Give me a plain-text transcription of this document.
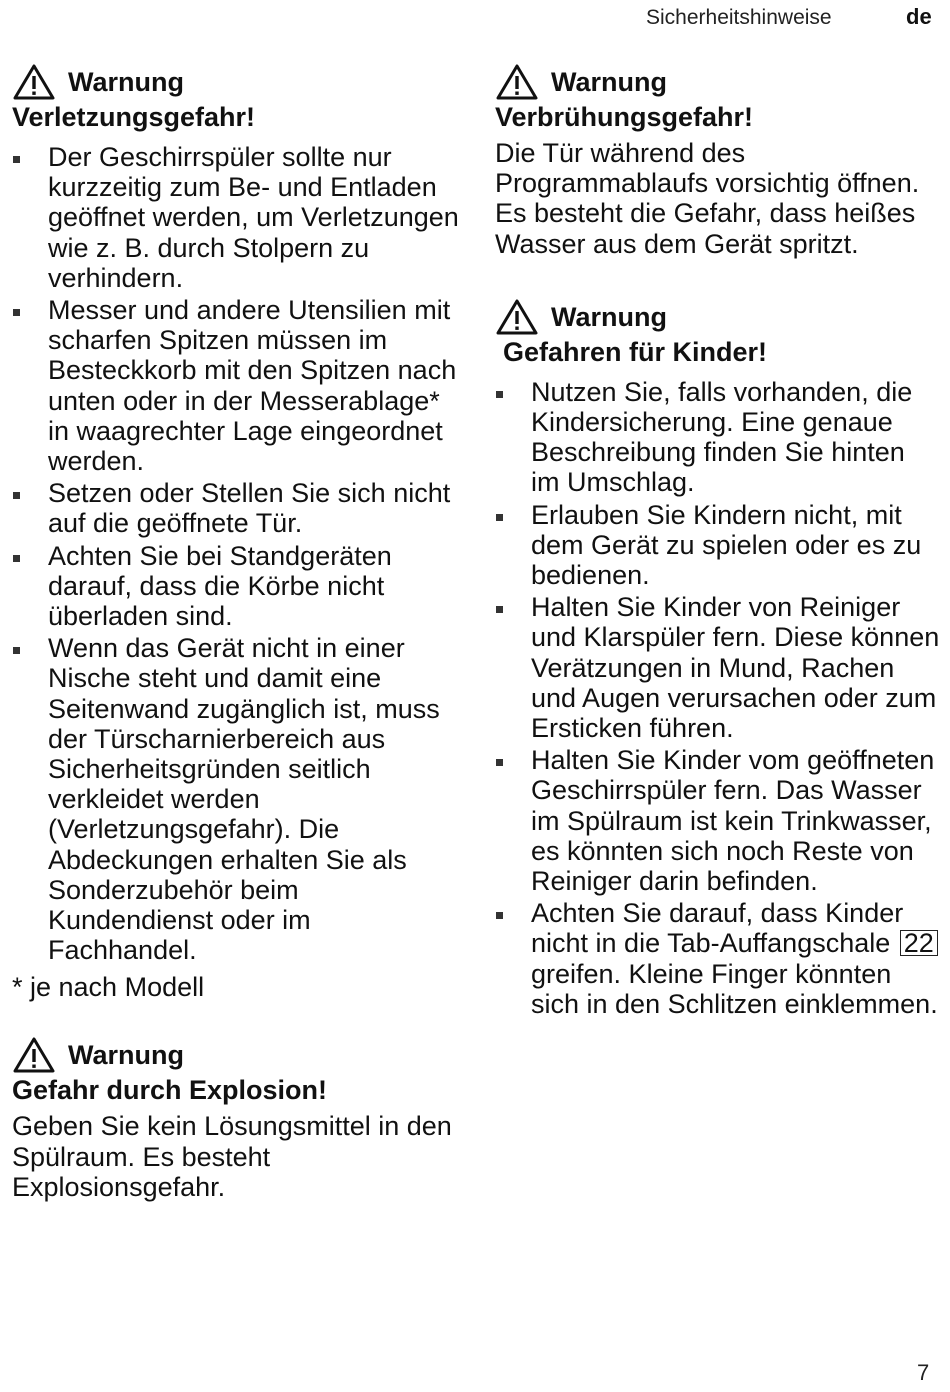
Sicherheitshinweise	de
Warnung
Verletzungsgefahr!
Der Geschirrspüler sollte nur kurzzeitig zum Be- und Entladen geöffnet werden, um Verletzungen wie z. B. durch Stolpern zu verhindern.
Messer und andere Utensilien mit scharfen Spitzen müssen im Besteckkorb mit den Spitzen nach unten oder in der Messerablage* in waagrechter Lage eingeordnet werden.
Setzen oder Stellen Sie sich nicht auf die geöffnete Tür.
Achten Sie bei Standgeräten darauf, dass die Körbe nicht überladen sind.
Wenn das Gerät nicht in einer Nische steht und damit eine Seitenwand zugänglich ist, muss der Türscharnierbereich aus Sicherheitsgründen seitlich verkleidet werden (Verletzungsgefahr). Die Abdeckungen erhalten Sie als Sonderzubehör beim Kundendienst oder im Fachhandel.
* je nach Modell
Warnung
Gefahr durch Explosion!
Geben Sie kein Lösungsmittel in den Spülraum. Es besteht Explosionsgefahr.
Warnung
Verbrühungsgefahr!
Die Tür während des Programmablaufs vorsichtig öffnen. Es besteht die Gefahr, dass heißes Wasser aus dem Gerät spritzt.
Warnung
Gefahren für Kinder!
Nutzen Sie, falls vorhanden, die Kindersicherung. Eine genaue Beschreibung finden Sie hinten im Umschlag.
Erlauben Sie Kindern nicht, mit dem Gerät zu spielen oder es zu bedienen.
Halten Sie Kinder von Reiniger und Klarspüler fern. Diese können Verätzungen in Mund, Rachen und Augen verursachen oder zum Ersticken führen.
Halten Sie Kinder vom geöffneten Geschirrspüler fern. Das Wasser im Spülraum ist kein Trinkwasser, es könnten sich noch Reste von Reiniger darin befinden.
Achten Sie darauf, dass Kinder nicht in die Tab-Auffangschale 22 greifen. Kleine Finger könnten sich in den Schlitzen einklemmen.
7
